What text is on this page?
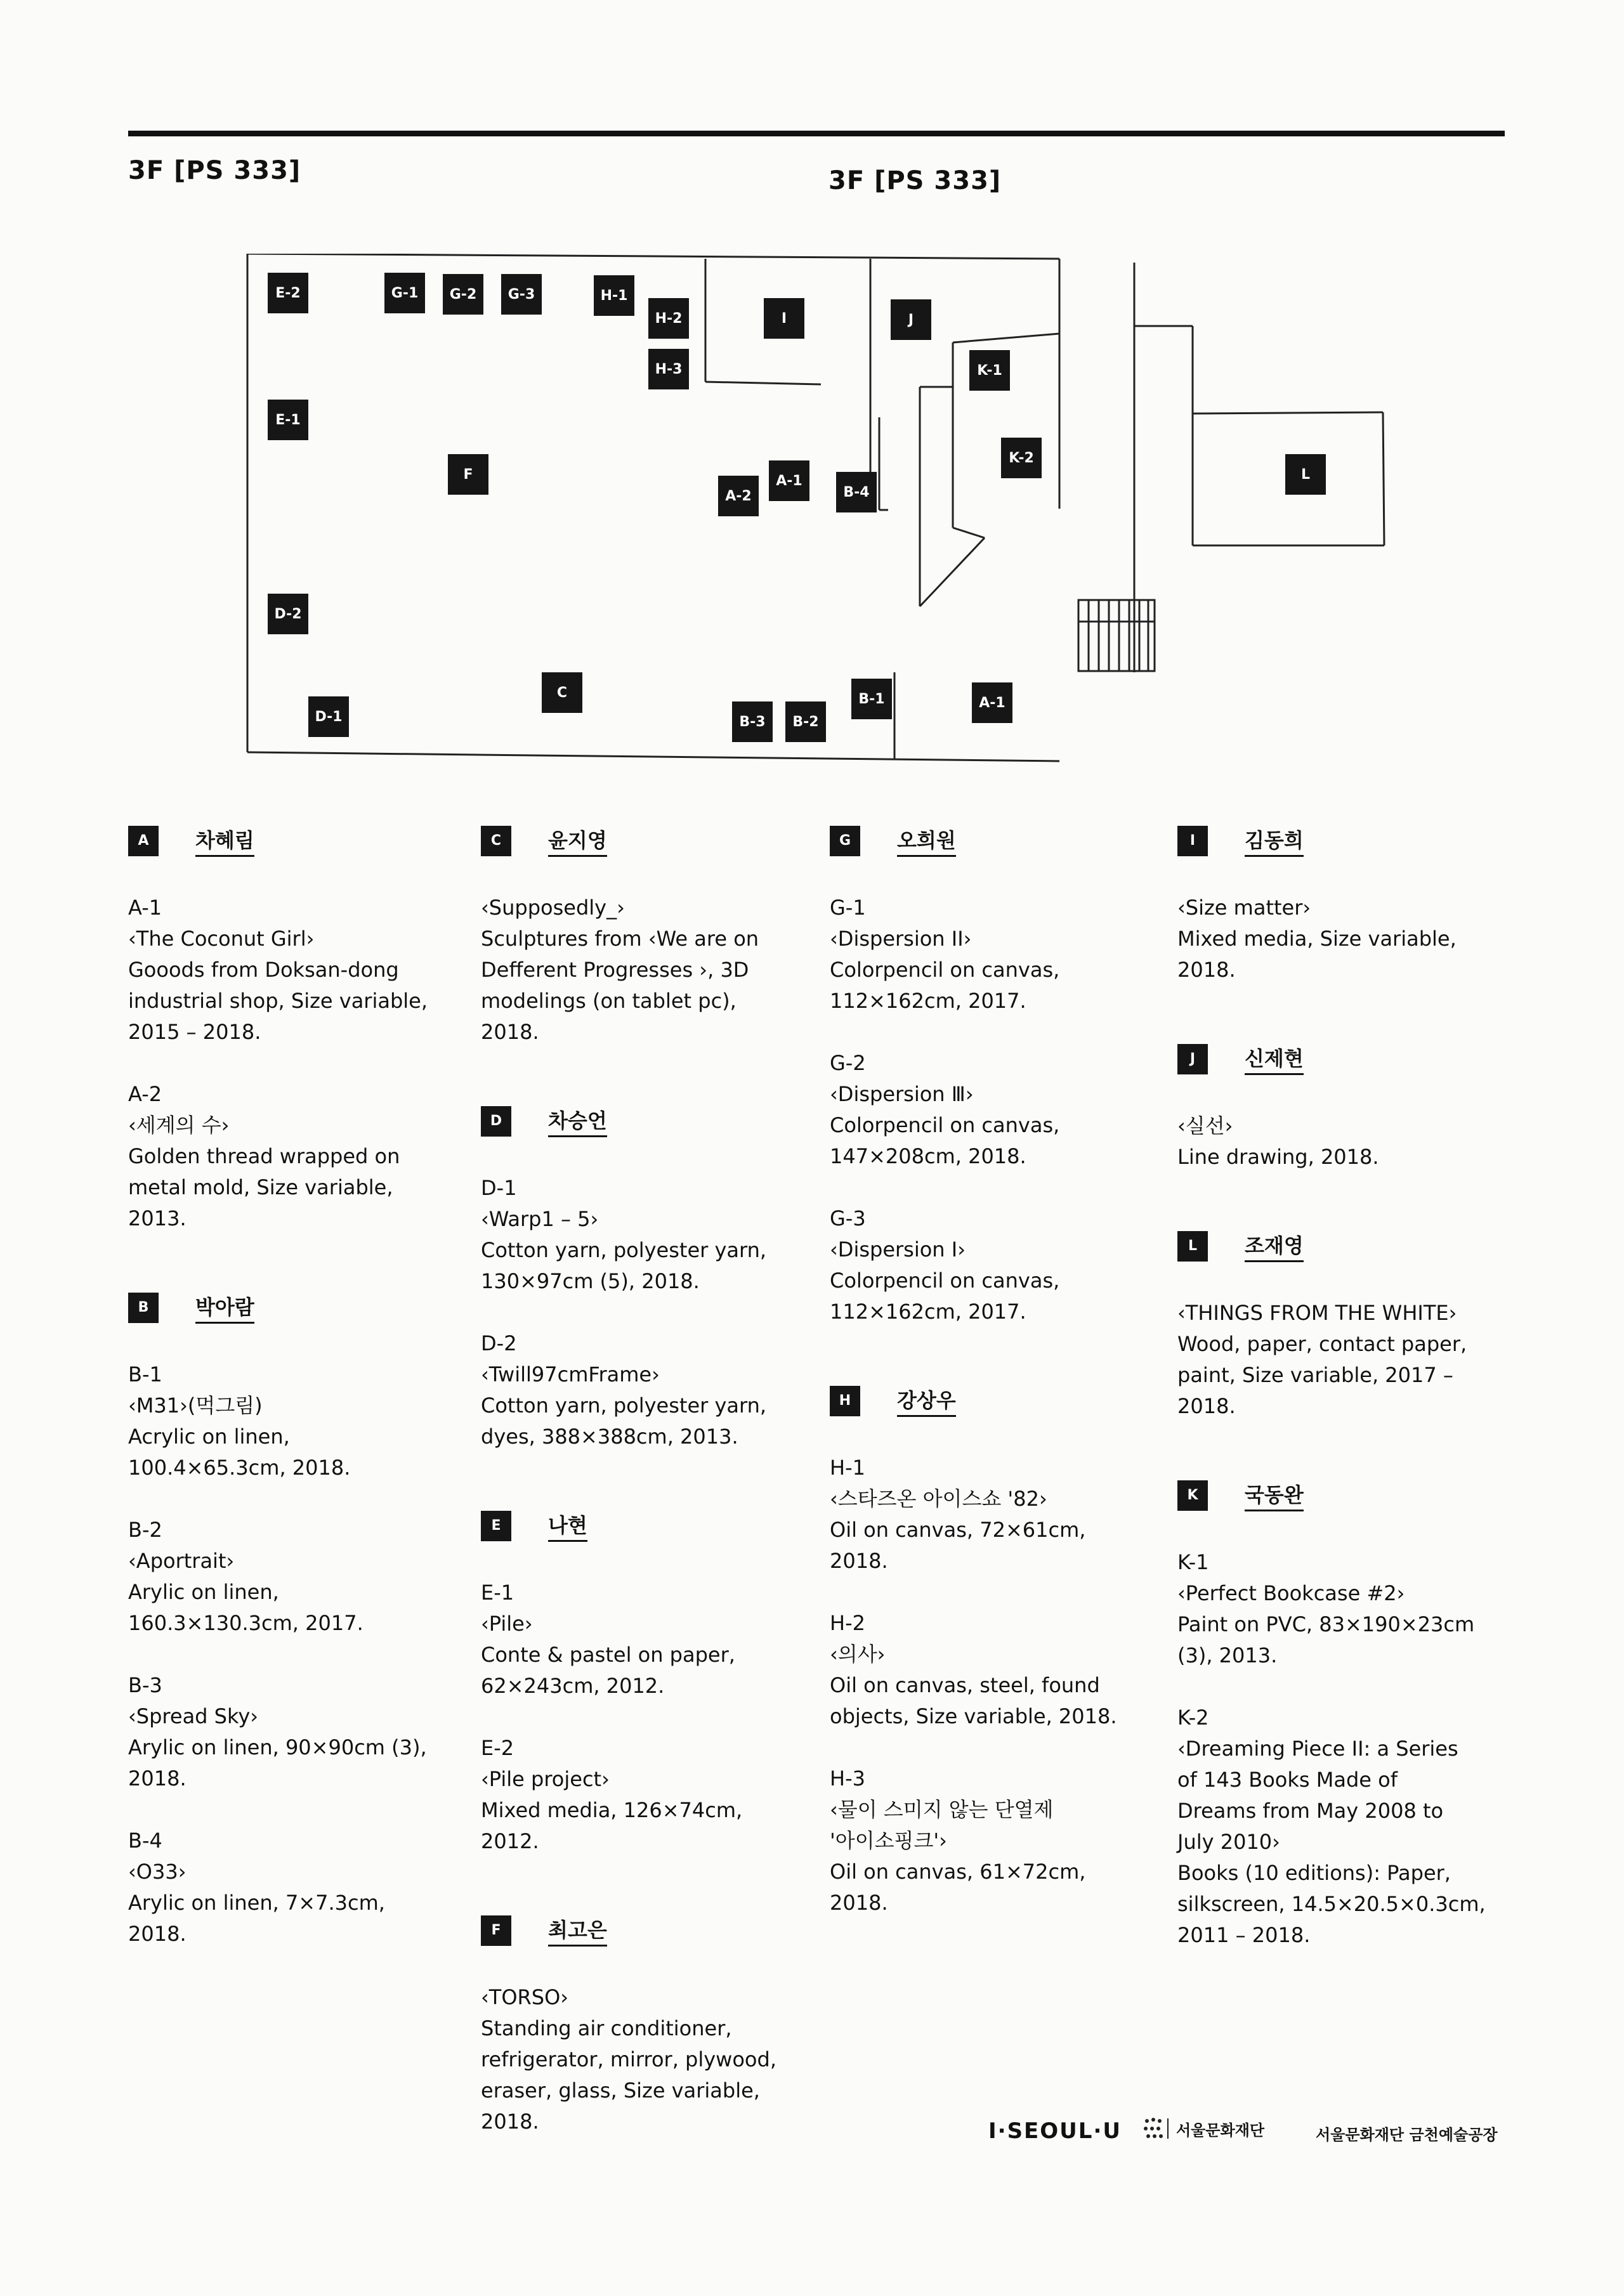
3F [PS 333]	3F [PS 333]
E-2	G-1	G-2	G-3	H-1
H-2
H-3
I	J
K-1
K-2
L
E-1
F	A-1
A-2	B-4
D-2
C
D-1	B-3	B-2
B-1	A-1
A	차혜림
A-1
‹The Coconut Girl›
Gooods from Doksan-dong
industrial shop, Size variable,
2015 – 2018.
A-2
‹세계의 수›
Golden thread wrapped on
metal mold, Size variable,
2013.
B	박아람
B-1
‹M31›(먹그림)
Acrylic on linen,
100.4×65.3cm, 2018.
B-2
‹Aportrait›
Arylic on linen,
160.3×130.3cm, 2017.
B-3
‹Spread Sky›
Arylic on linen, 90×90cm (3),
2018.
B-4
‹O33›
Arylic on linen, 7×7.3cm,
2018.
C	윤지영
‹Supposedly_›
Sculptures from ‹We are on
Defferent Progresses ›, 3D
modelings (on tablet pc),
2018.
D	차승언
D-1
‹Warp1 – 5›
Cotton yarn, polyester yarn,
130×97cm (5), 2018.
D-2
‹Twill97cmFrame›
Cotton yarn, polyester yarn,
dyes, 388×388cm, 2013.
E	나현
E-1
‹Pile›
Conte & pastel on paper,
62×243cm, 2012.
E-2
‹Pile project›
Mixed media, 126×74cm,
2012.
F	최고은
‹TORSO›
Standing air conditioner,
refrigerator, mirror, plywood,
eraser, glass, Size variable,
2018.
G	오희원
G-1
‹Dispersion II›
Colorpencil on canvas,
112×162cm, 2017.
G-2
‹Dispersion Ⅲ›
Colorpencil on canvas,
147×208cm, 2018.
G-3
‹Dispersion I›
Colorpencil on canvas,
112×162cm, 2017.
H	강상우
H-1
‹스타즈온 아이스쇼 '82›
Oil on canvas, 72×61cm,
2018.
H-2
‹의사›
Oil on canvas, steel, found
objects, Size variable, 2018.
H-3
‹물이 스미지 않는 단열제
'아이소핑크'›
Oil on canvas, 61×72cm,
2018.
I	김동희
‹Size matter›
Mixed media, Size variable,
2018.
J	신제현
‹실선›
Line drawing, 2018.
L	조재영
‹THINGS FROM THE WHITE›
Wood, paper, contact paper,
paint, Size variable, 2017 –
2018.
K	국동완
K-1
‹Perfect Bookcase #2›
Paint on PVC, 83×190×23cm
(3), 2013.
K-2
‹Dreaming Piece II: a Series
of 143 Books Made of
Dreams from May 2008 to
July 2010›
Books (10 editions): Paper,
silkscreen, 14.5×20.5×0.3cm,
2011 – 2018.
I·SEOUL·U	서울문화재단	서울문화재단 금천예술공장
